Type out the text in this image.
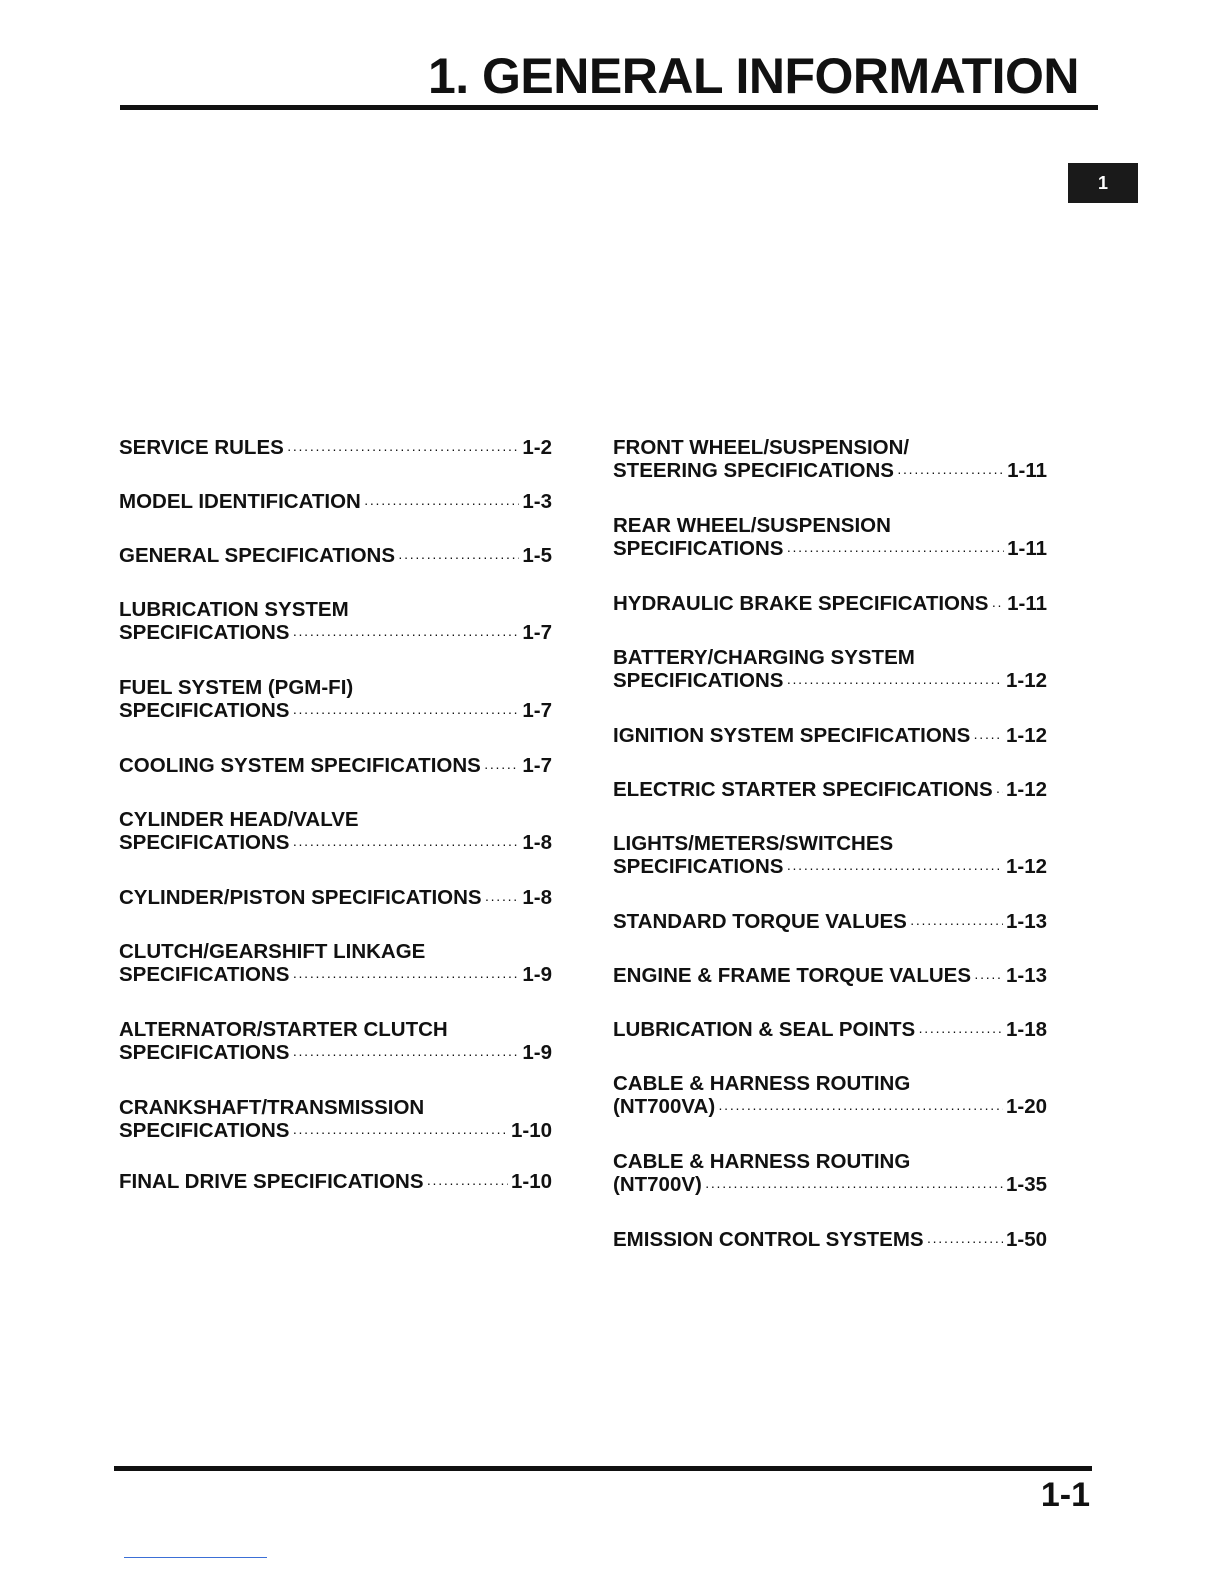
1. GENERAL INFORMATION
1
SERVICE RULES ·····	1-2
MODEL IDENTIFICATION ·····	1-3
GENERAL SPECIFICATIONS ·····	1-5
LUBRICATION SYSTEM
SPECIFICATIONS ·····	1-7
FUEL SYSTEM (PGM-FI)
SPECIFICATIONS ·····	1-7
COOLING SYSTEM SPECIFICATIONS ····· 1-7
CYLINDER HEAD/VALVE
SPECIFICATIONS ·····	1-8
CYLINDER/PISTON SPECIFICATIONS ····· 1-8
CLUTCH/GEARSHIFT LINKAGE
SPECIFICATIONS ·····	1-9
ALTERNATOR/STARTER CLUTCH
SPECIFICATIONS ·····	1-9
CRANKSHAFT/TRANSMISSION
SPECIFICATIONS ·····	1-10
FINAL DRIVE SPECIFICATIONS ·····	1-10
FRONT WHEEL/SUSPENSION/
STEERING SPECIFICATIONS ·····	1-11
REAR WHEEL/SUSPENSION
SPECIFICATIONS ·····	1-11
HYDRAULIC BRAKE SPECIFICATIONS ····· 1-11
BATTERY/CHARGING SYSTEM
SPECIFICATIONS ·····	1-12
IGNITION SYSTEM SPECIFICATIONS ····· 1-12
ELECTRIC STARTER SPECIFICATIONS ····· 1-12
LIGHTS/METERS/SWITCHES
SPECIFICATIONS ·····	1-12
STANDARD TORQUE VALUES ·····	1-13
ENGINE & FRAME TORQUE VALUES ····· 1-13
LUBRICATION & SEAL POINTS ·····	1-18
CABLE & HARNESS ROUTING
(NT700VA) ·····	1-20
CABLE & HARNESS ROUTING
(NT700V) ·····	1-35
EMISSION CONTROL SYSTEMS ·····	1-50
1-1
